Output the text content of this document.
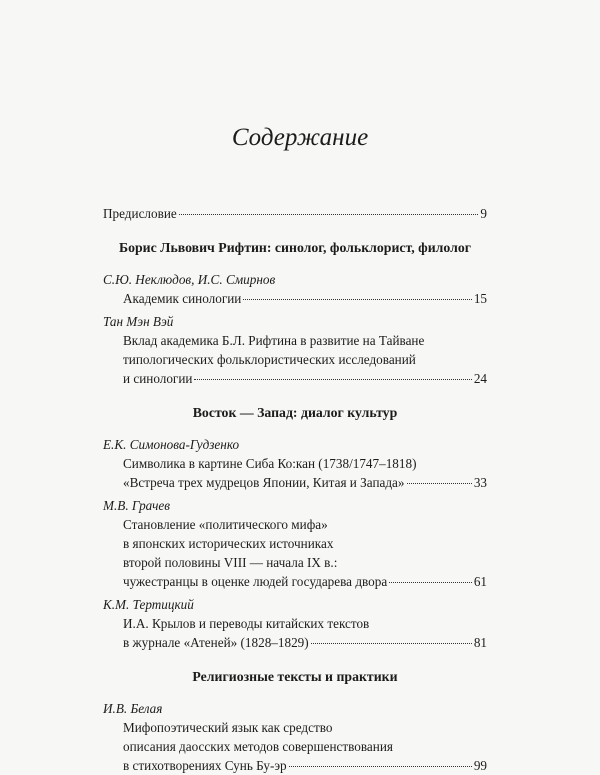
Содержание
Предисловие	9
Борис Львович Рифтин: синолог, фольклорист, филолог
С.Ю. Неклюдов, И.С. Смирнов
Академик синологии	15
Тан Мэн Вэй
Вклад академика Б.Л. Рифтина в развитие на Тайване
типологических фольклористических исследований
и синологии	24
Восток — Запад: диалог культур
Е.К. Симонова-Гудзенко
Символика в картине Сиба Ко:кан (1738/1747–1818)
«Встреча трех мудрецов Японии, Китая и Запада»	33
М.В. Грачев
Становление «политического мифа»
в японских исторических источниках
второй половины VIII — начала IX в.:
чужестранцы в оценке людей государева двора	61
К.М. Тертицкий
И.А. Крылов и переводы китайских текстов
в журнале «Атеней» (1828–1829)	81
Религиозные тексты и практики
И.В. Белая
Мифопоэтический язык как средство
описания даосских методов совершенствования
в стихотворениях Сунь Бу-эр	99
